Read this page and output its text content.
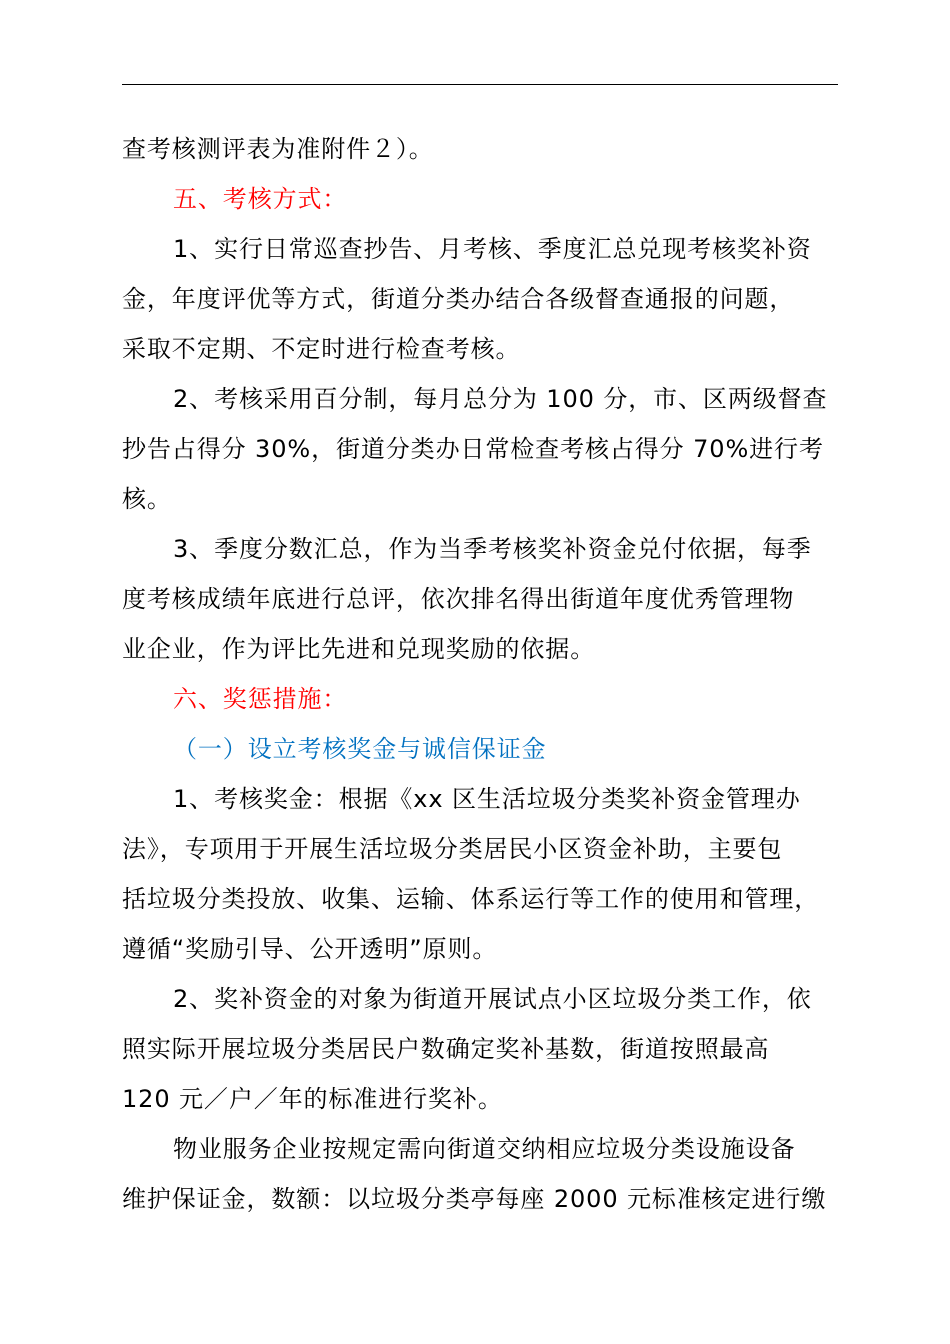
查考核测评表为准附件２）。

五、考核方式：

1、实行日常巡查抄告、月考核、季度汇总兑现考核奖补资

金，年度评优等方式，街道分类办结合各级督查通报的问题，

采取不定期、不定时进行检查考核。

2、考核采用百分制，每月总分为 100 分，市、区两级督查

抄告占得分 30%，街道分类办日常检查考核占得分 70%进行考

核。

3、季度分数汇总，作为当季考核奖补资金兑付依据，每季

度考核成绩年底进行总评，依次排名得出街道年度优秀管理物

业企业，作为评比先进和兑现奖励的依据。

六、奖惩措施：

（一）设立考核奖金与诚信保证金

1、考核奖金：根据《xx 区生活垃圾分类奖补资金管理办

法》，专项用于开展生活垃圾分类居民小区资金补助，主要包

括垃圾分类投放、收集、运输、体系运行等工作的使用和管理，

遵循“奖励引导、公开透明”原则。

2、奖补资金的对象为街道开展试点小区垃圾分类工作，依

照实际开展垃圾分类居民户数确定奖补基数，街道按照最高

120 元／户／年的标准进行奖补。

物业服务企业按规定需向街道交纳相应垃圾分类设施设备

维护保证金，数额：以垃圾分类亭每座 2000 元标准核定进行缴
